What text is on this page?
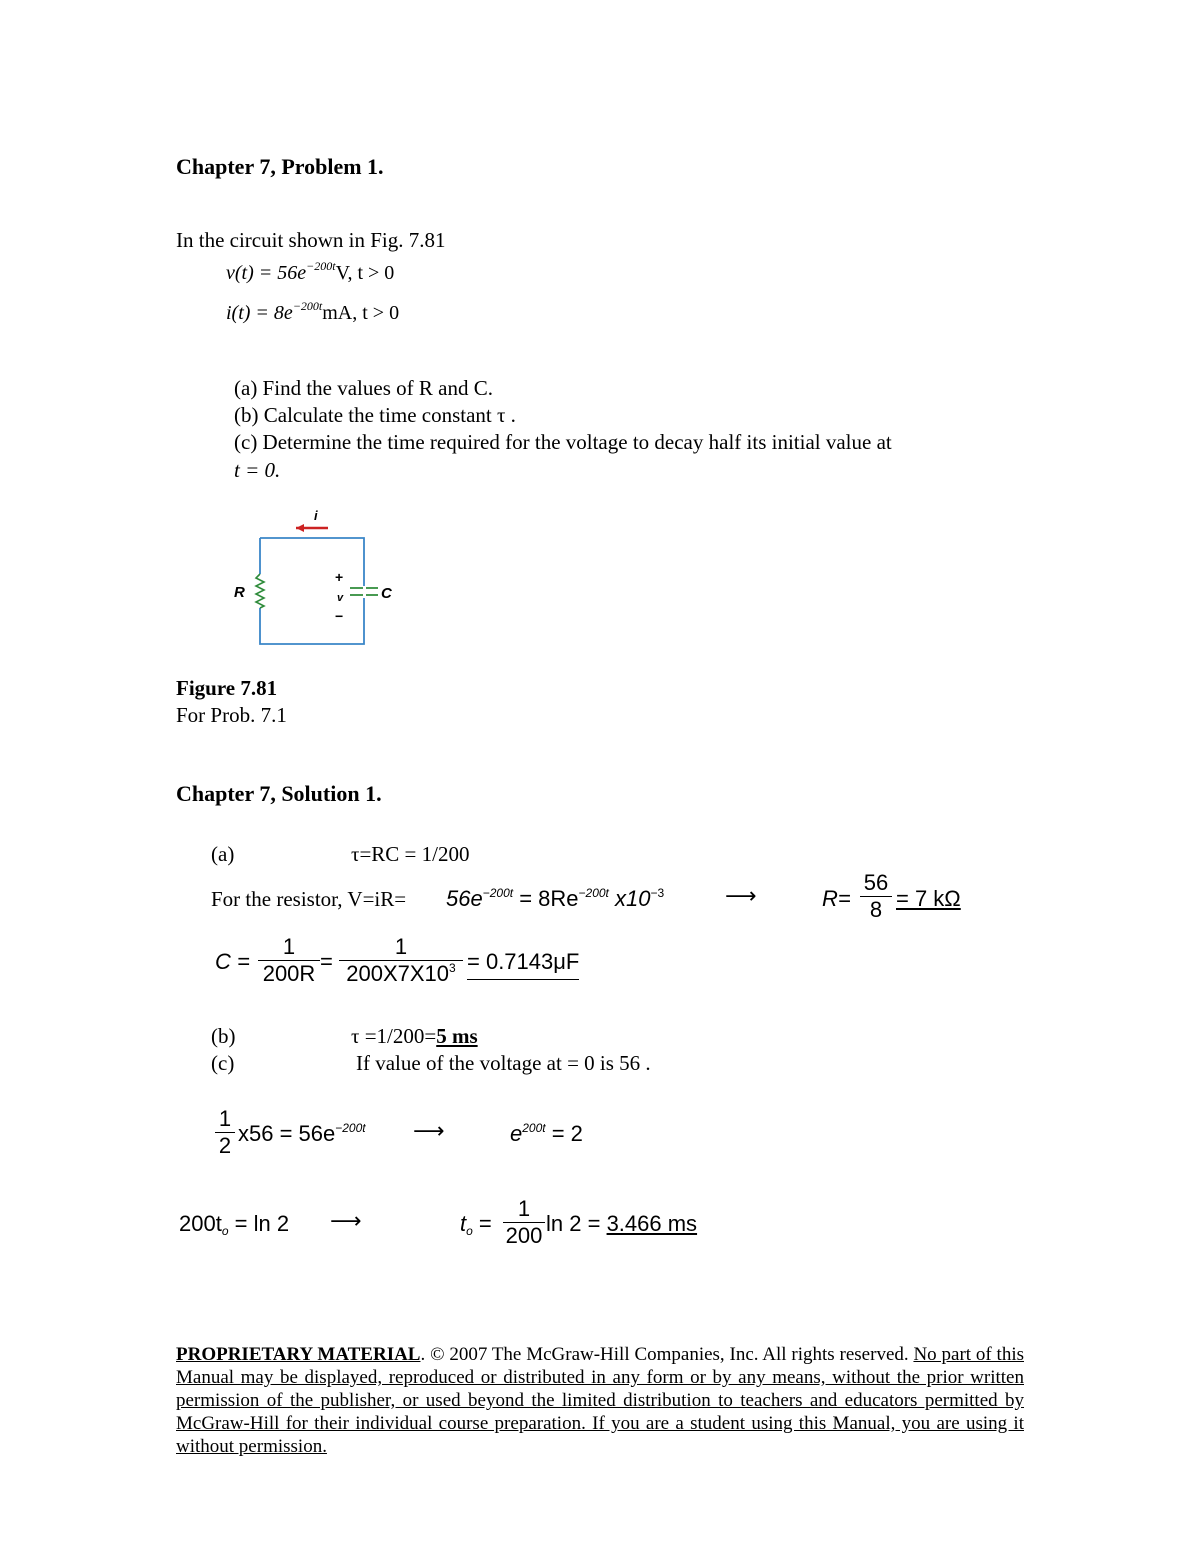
Chapter 7, Problem 1.
In the circuit shown in Fig. 7.81
$v(t) = 56e^{-200t}V$, t > 0
$i(t) = 8e^{-200t}mA$, t > 0
(a) Find the values of R and C.
(b) Calculate the time constant τ .
(c) Determine the time required for the voltage to decay half its initial value at
t = 0.
i
R	C
+
v
−
Figure 7.81
For Prob. 7.1
Chapter 7, Solution 1.
(a)	τ=RC = 1/200
For the resistor, $V=iR= 56e^{-200t} = 8Re^{-200t}$ $x10^{-3}$	⟶	R=
56
8 = 7 kΩ
C =
1
200R =
1
$200X7X10^3 = 0.7143\mu F$
(b)	τ =1/200=5 ms
(c)	If value of the voltage at = 0 is 56 .
1
2 $x56 = 56e^{-200t}$ ⟶	$e^{200t} = 2$
$200t_o = \ln 2$ ⟶	$t_o$ =
1
200 ln 2 = 3.466 ms
PROPRIETARY MATERIAL. © 2007 The McGraw-Hill Companies, Inc. All rights reserved. No part of this Manual may be displayed, reproduced or distributed in any form or by any means, without the prior written permission of the publisher, or used beyond the limited distribution to teachers and educators permitted by McGraw-Hill for their individual course preparation. If you are a student using this Manual, you are using it without permission.
